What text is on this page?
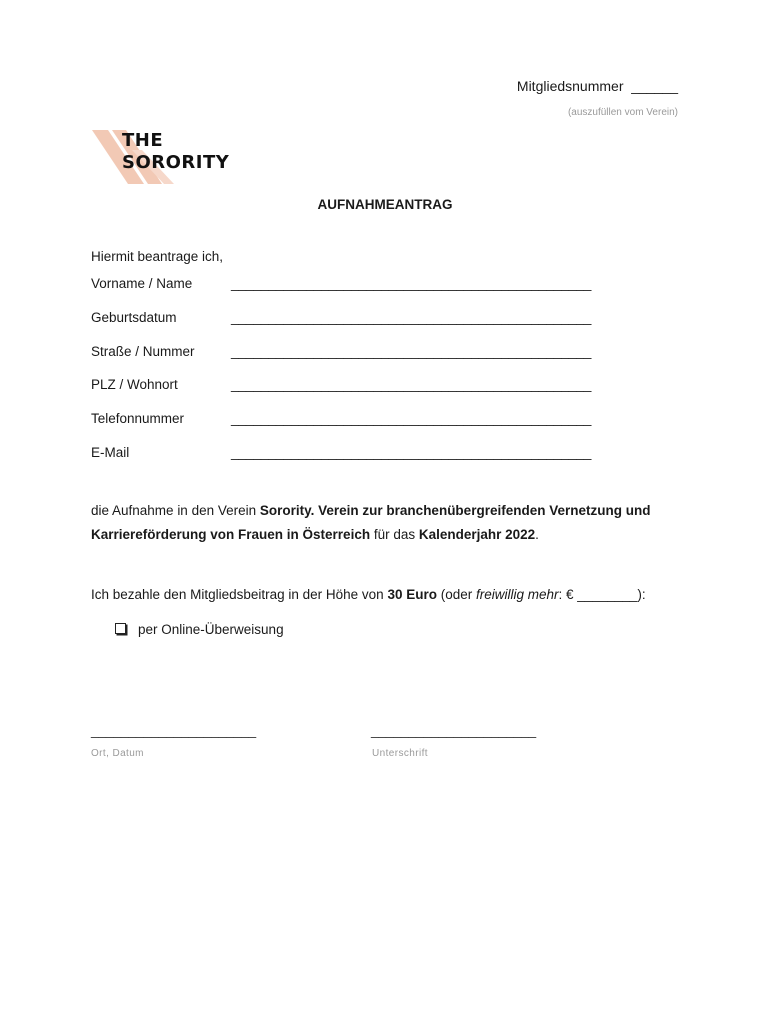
Mitgliedsnummer ______
(auszufüllen vom Verein)
THE
SORORITY
AUFNAHMEANTRAG
Hiermit beantrage ich,
Vorname / Name	________________________________________________
Geburtsdatum	________________________________________________
Straße / Nummer	________________________________________________
PLZ / Wohnort	________________________________________________
Telefonnummer	________________________________________________
E-Mail	________________________________________________
die Aufnahme in den Verein Sorority. Verein zur branchenübergreifenden Vernetzung und Karriereförderung von Frauen in Österreich für das Kalenderjahr 2022.
Ich bezahle den Mitgliedsbeitrag in der Höhe von 30 Euro (oder freiwillig mehr: € ________):
per Online-Überweisung
______________________
Ort, Datum
______________________
Unterschrift
